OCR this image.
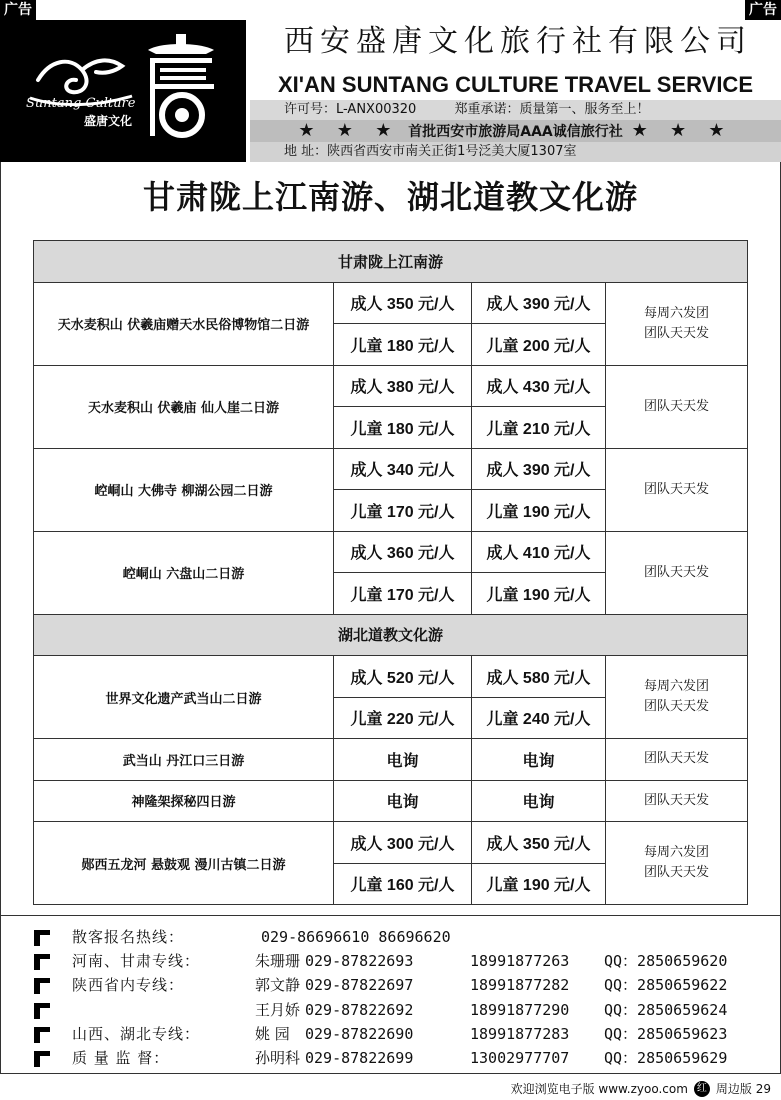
广告	广告
Suntang Culture
盛唐文化
西安盛唐文化旅行社有限公司
XI'AN SUNTANG CULTURE TRAVEL SERVICE
许可号：L-ANX00320	郑重承诺：质量第一、服务至上！
★ ★ ★ 首批西安市旅游局AAA诚信旅行社 ★ ★ ★
地 址：陕西省西安市南关正街1号泛美大厦1307室
甘肃陇上江南游、湖北道教文化游
甘肃陇上江南游			
天水麦积山 伏羲庙赠天水民俗博物馆二日游	成人 350 元/人	成人 390 元/人	每周六发团
团队天天发

	儿童 180 元/人	儿童 200 元/人	
天水麦积山 伏羲庙 仙人崖二日游	成人 380 元/人	成人 430 元/人	团队天天发

	儿童 180 元/人	儿童 210 元/人	
崆峒山 大佛寺 柳湖公园二日游	成人 340 元/人	成人 390 元/人	团队天天发

	儿童 170 元/人	儿童 190 元/人	
崆峒山 六盘山二日游	成人 360 元/人	成人 410 元/人	团队天天发

	儿童 170 元/人	儿童 190 元/人	
湖北道教文化游			
世界文化遗产武当山二日游	成人 520 元/人	成人 580 元/人	每周六发团
团队天天发

	儿童 220 元/人	儿童 240 元/人	
武当山 丹江口三日游	电询	电询	团队天天发

神隆架探秘四日游	电询	电询	团队天天发

郧西五龙河 悬鼓观 漫川古镇二日游	成人 300 元/人	成人 350 元/人	每周六发团
团队天天发

	儿童 160 元/人	儿童 190 元/人	
散客报名热线：	029-86696610 86696620
河南、甘肃专线：	朱珊珊 029-87822693	18991877263	QQ：2850659620
陕西省内专线：	郭文静 029-87822697	18991877282	QQ：2850659622
王月娇 029-87822692	18991877290	QQ：2850659624
山西、湖北专线：	姚 园	029-87822690	18991877283	QQ：2850659623
质 量 监 督：	孙明科 029-87822699	13002977707	QQ：2850659629
欢迎浏览电子版 www.zyoo.com 红 周边版 29
